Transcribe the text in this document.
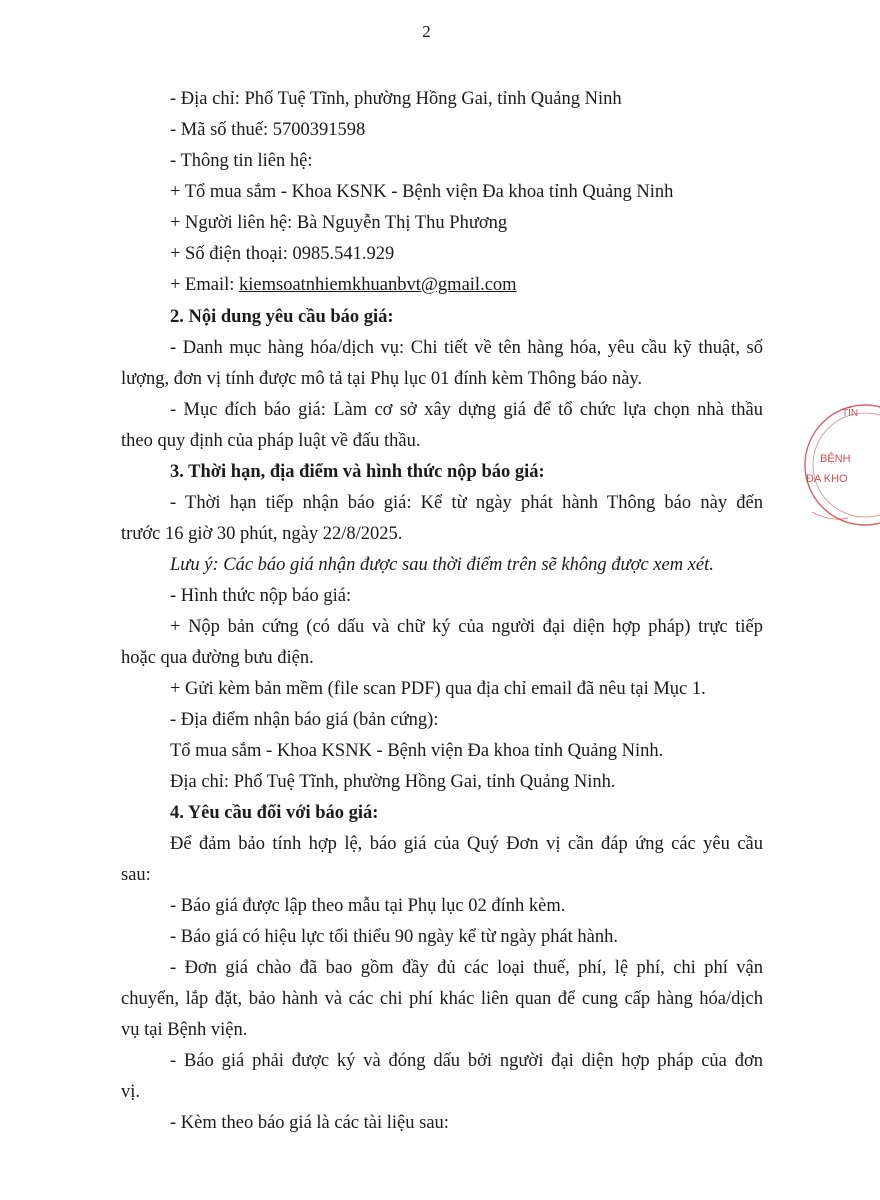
2
- Địa chỉ: Phố Tuệ Tĩnh, phường Hồng Gai, tỉnh Quảng Ninh
- Mã số thuế: 5700391598
- Thông tin liên hệ:
+ Tổ mua sắm - Khoa KSNK - Bệnh viện Đa khoa tỉnh Quảng Ninh
+ Người liên hệ: Bà Nguyễn Thị Thu Phương
+ Số điện thoại: 0985.541.929
+ Email: kiemsoatnhiemkhuanbvt@gmail.com
2. Nội dung yêu cầu báo giá:
- Danh mục hàng hóa/dịch vụ: Chi tiết về tên hàng hóa, yêu cầu kỹ thuật, số
lượng, đơn vị tính được mô tả tại Phụ lục 01 đính kèm Thông báo này.
- Mục đích báo giá: Làm cơ sở xây dựng giá để tổ chức lựa chọn nhà thầu
theo quy định của pháp luật về đấu thầu.
3. Thời hạn, địa điểm và hình thức nộp báo giá:
- Thời hạn tiếp nhận báo giá: Kể từ ngày phát hành Thông báo này đến
trước 16 giờ 30 phút, ngày 22/8/2025.
Lưu ý: Các báo giá nhận được sau thời điểm trên sẽ không được xem xét.
- Hình thức nộp báo giá:
+ Nộp bản cứng (có dấu và chữ ký của người đại diện hợp pháp) trực tiếp
hoặc qua đường bưu điện.
+ Gửi kèm bản mềm (file scan PDF) qua địa chỉ email đã nêu tại Mục 1.
- Địa điểm nhận báo giá (bản cứng):
Tổ mua sắm - Khoa KSNK - Bệnh viện Đa khoa tỉnh Quảng Ninh.
Địa chỉ: Phố Tuệ Tĩnh, phường Hồng Gai, tỉnh Quảng Ninh.
4. Yêu cầu đối với báo giá:
Để đảm bảo tính hợp lệ, báo giá của Quý Đơn vị cần đáp ứng các yêu cầu
sau:
- Báo giá được lập theo mẫu tại Phụ lục 02 đính kèm.
- Báo giá có hiệu lực tối thiểu 90 ngày kể từ ngày phát hành.
- Đơn giá chào đã bao gồm đầy đủ các loại thuế, phí, lệ phí, chi phí vận
chuyển, lắp đặt, bảo hành và các chi phí khác liên quan để cung cấp hàng hóa/dịch
vụ tại Bệnh viện.
- Báo giá phải được ký và đóng dấu bởi người đại diện hợp pháp của đơn
vị.
- Kèm theo báo giá là các tài liệu sau:
TỈN
BỆNH
ĐA KHO
